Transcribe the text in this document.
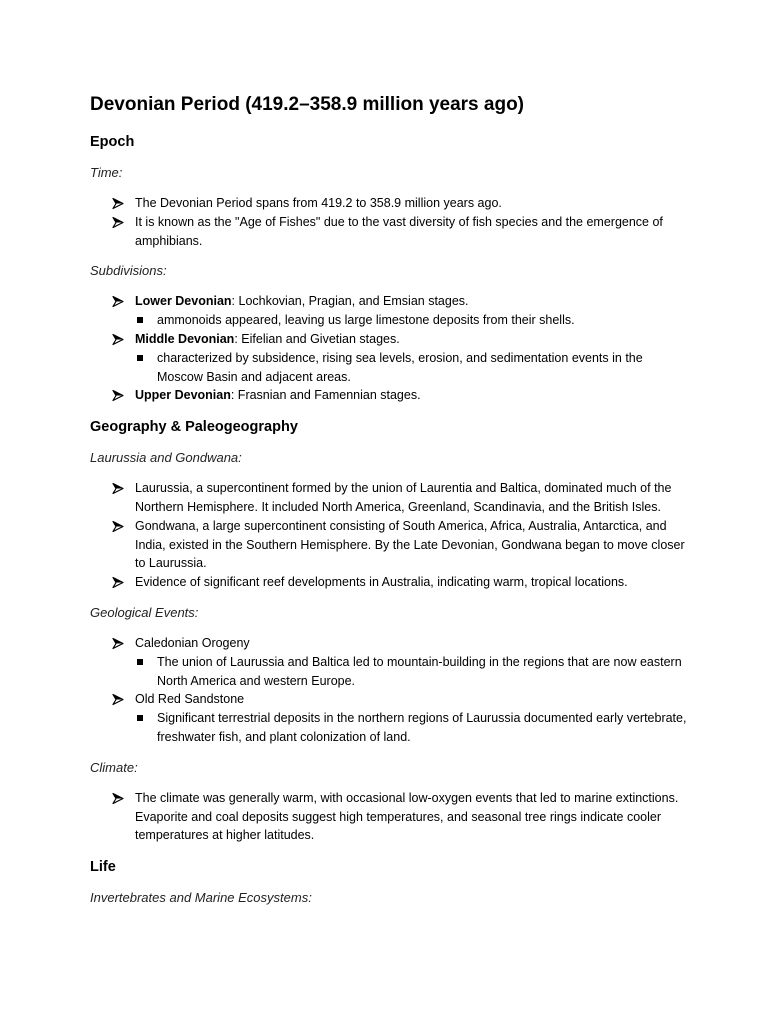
Devonian Period (419.2–358.9 million years ago)
Epoch
Time:
The Devonian Period spans from 419.2 to 358.9 million years ago.
It is known as the "Age of Fishes" due to the vast diversity of fish species and the emergence of amphibians.
Subdivisions:
Lower Devonian: Lochkovian, Pragian, and Emsian stages.
ammonoids appeared, leaving us large limestone deposits from their shells.
Middle Devonian: Eifelian and Givetian stages.
characterized by subsidence, rising sea levels, erosion, and sedimentation events in the Moscow Basin and adjacent areas.
Upper Devonian: Frasnian and Famennian stages.
Geography & Paleogeography
Laurussia and Gondwana:
Laurussia, a supercontinent formed by the union of Laurentia and Baltica, dominated much of the Northern Hemisphere. It included North America, Greenland, Scandinavia, and the British Isles.
Gondwana, a large supercontinent consisting of South America, Africa, Australia, Antarctica, and India, existed in the Southern Hemisphere. By the Late Devonian, Gondwana began to move closer to Laurussia.
Evidence of significant reef developments in Australia, indicating warm, tropical locations.
Geological Events:
Caledonian Orogeny
The union of Laurussia and Baltica led to mountain-building in the regions that are now eastern North America and western Europe.
Old Red Sandstone
Significant terrestrial deposits in the northern regions of Laurussia documented early vertebrate, freshwater fish, and plant colonization of land.
Climate:
The climate was generally warm, with occasional low-oxygen events that led to marine extinctions. Evaporite and coal deposits suggest high temperatures, and seasonal tree rings indicate cooler temperatures at higher latitudes.
Life
Invertebrates and Marine Ecosystems:
